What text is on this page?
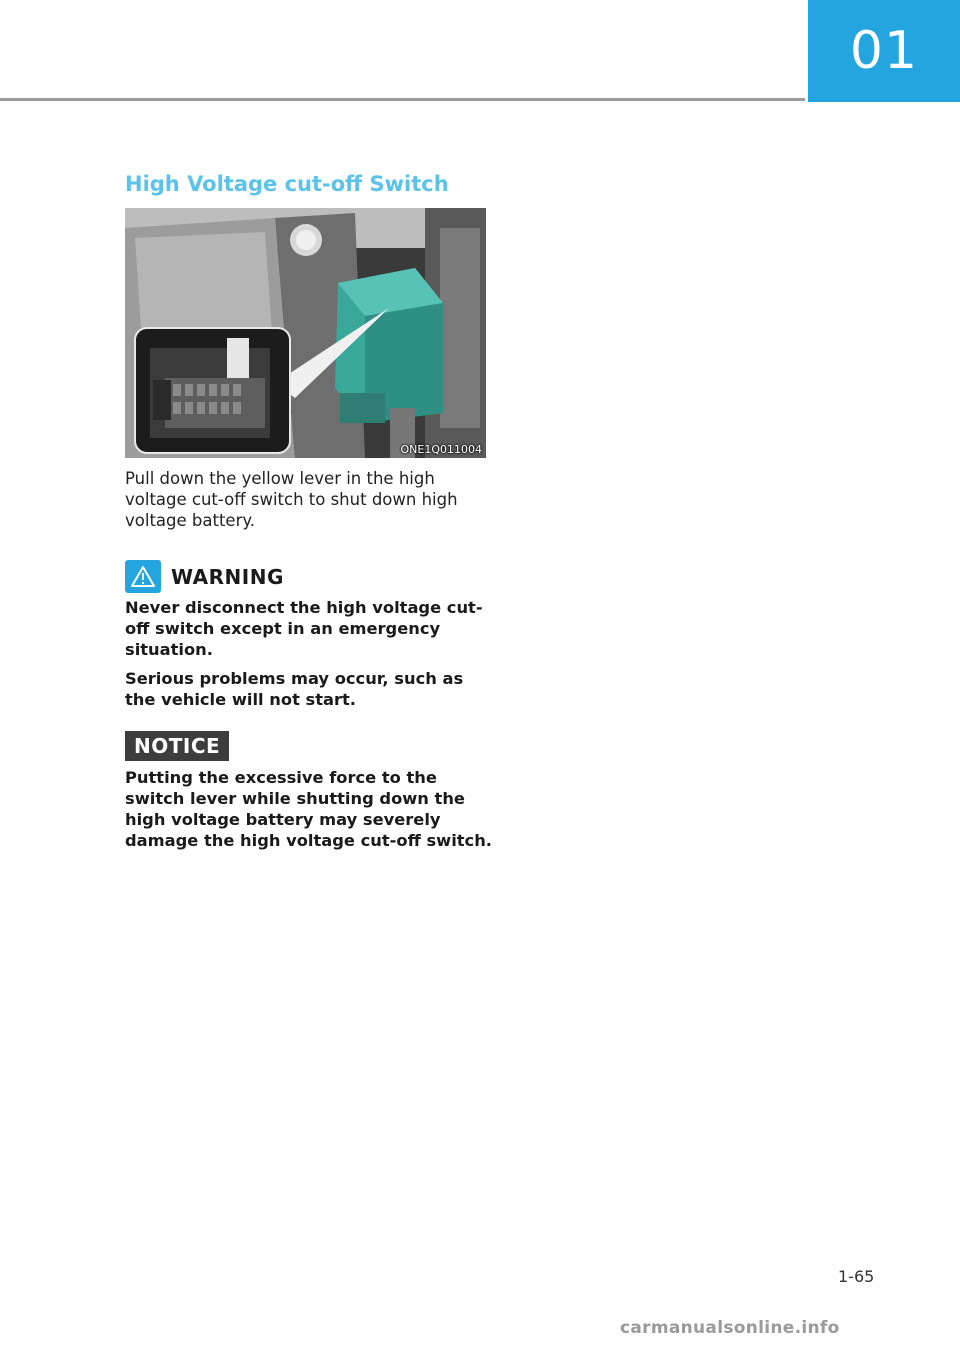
01
High Voltage cut-off Switch
ONE1Q011004

Pull down the yellow lever in the high voltage cut-off switch to shut down high voltage battery.

WARNING

Never disconnect the high voltage cut-off switch except in an emergency situation.

Serious problems may occur, such as the vehicle will not start.

NOTICE

Putting the excessive force to the switch lever while shutting down the high voltage battery may severely damage the high voltage cut-off switch.

1-65
carmanualsonline.info
